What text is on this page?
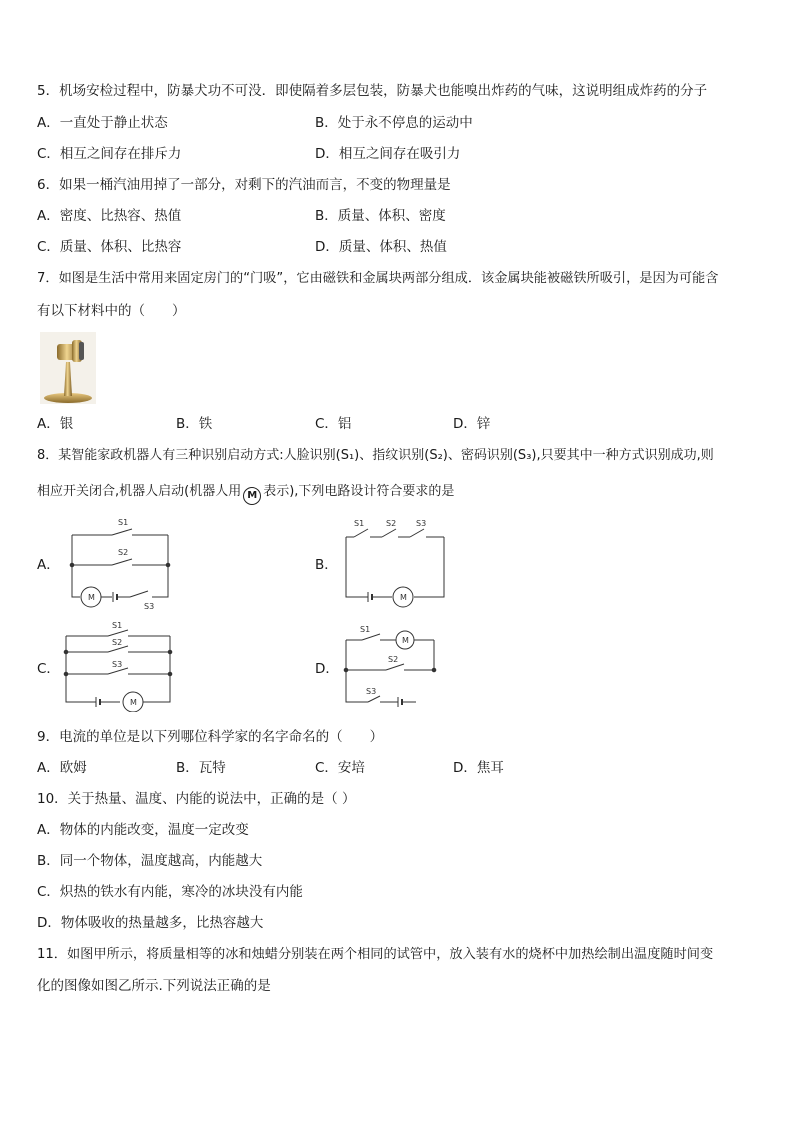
5．机场安检过程中，防暴犬功不可没．即使隔着多层包装，防暴犬也能嗅出炸药的气味，这说明组成炸药的分子
A．一直处于静止状态	B．处于永不停息的运动中
C．相互之间存在排斥力	D．相互之间存在吸引力
6．如果一桶汽油用掉了一部分，对剩下的汽油而言，不变的物理量是
A．密度、比热容、热值	B．质量、体积、密度
C．质量、体积、比热容	D．质量、体积、热值
7．如图是生活中常用来固定房门的“门吸”，它由磁铁和金属块两部分组成．该金属块能被磁铁所吸引，是因为可能含
有以下材料中的（　　）
A．银	B．铁	C．铝	D．锌
8．某智能家政机器人有三种识别启动方式:人脸识别(S₁)、指纹识别(S₂)、密码识别(S₃),只要其中一种方式识别成功,则
相应开关闭合,机器人启动(机器人用 M 表示),下列电路设计符合要求的是
A．	B．
C．	D．
M
S1
S2
S3
M
S1	S2 S3
M
S1
S2
S3
M
S1
S2
S3
9．电流的单位是以下列哪位科学家的名字命名的（　　）
A．欧姆	B．瓦特	C．安培	D．焦耳
10．关于热量、温度、内能的说法中，正确的是（ ）
A．物体的内能改变，温度一定改变
B．同一个物体，温度越高，内能越大
C．炽热的铁水有内能，寒冷的冰块没有内能
D．物体吸收的热量越多，比热容越大
11．如图甲所示，将质量相等的冰和烛蜡分别装在两个相同的试管中，放入装有水的烧杯中加热绘制出温度随时间变
化的图像如图乙所示.下列说法正确的是
